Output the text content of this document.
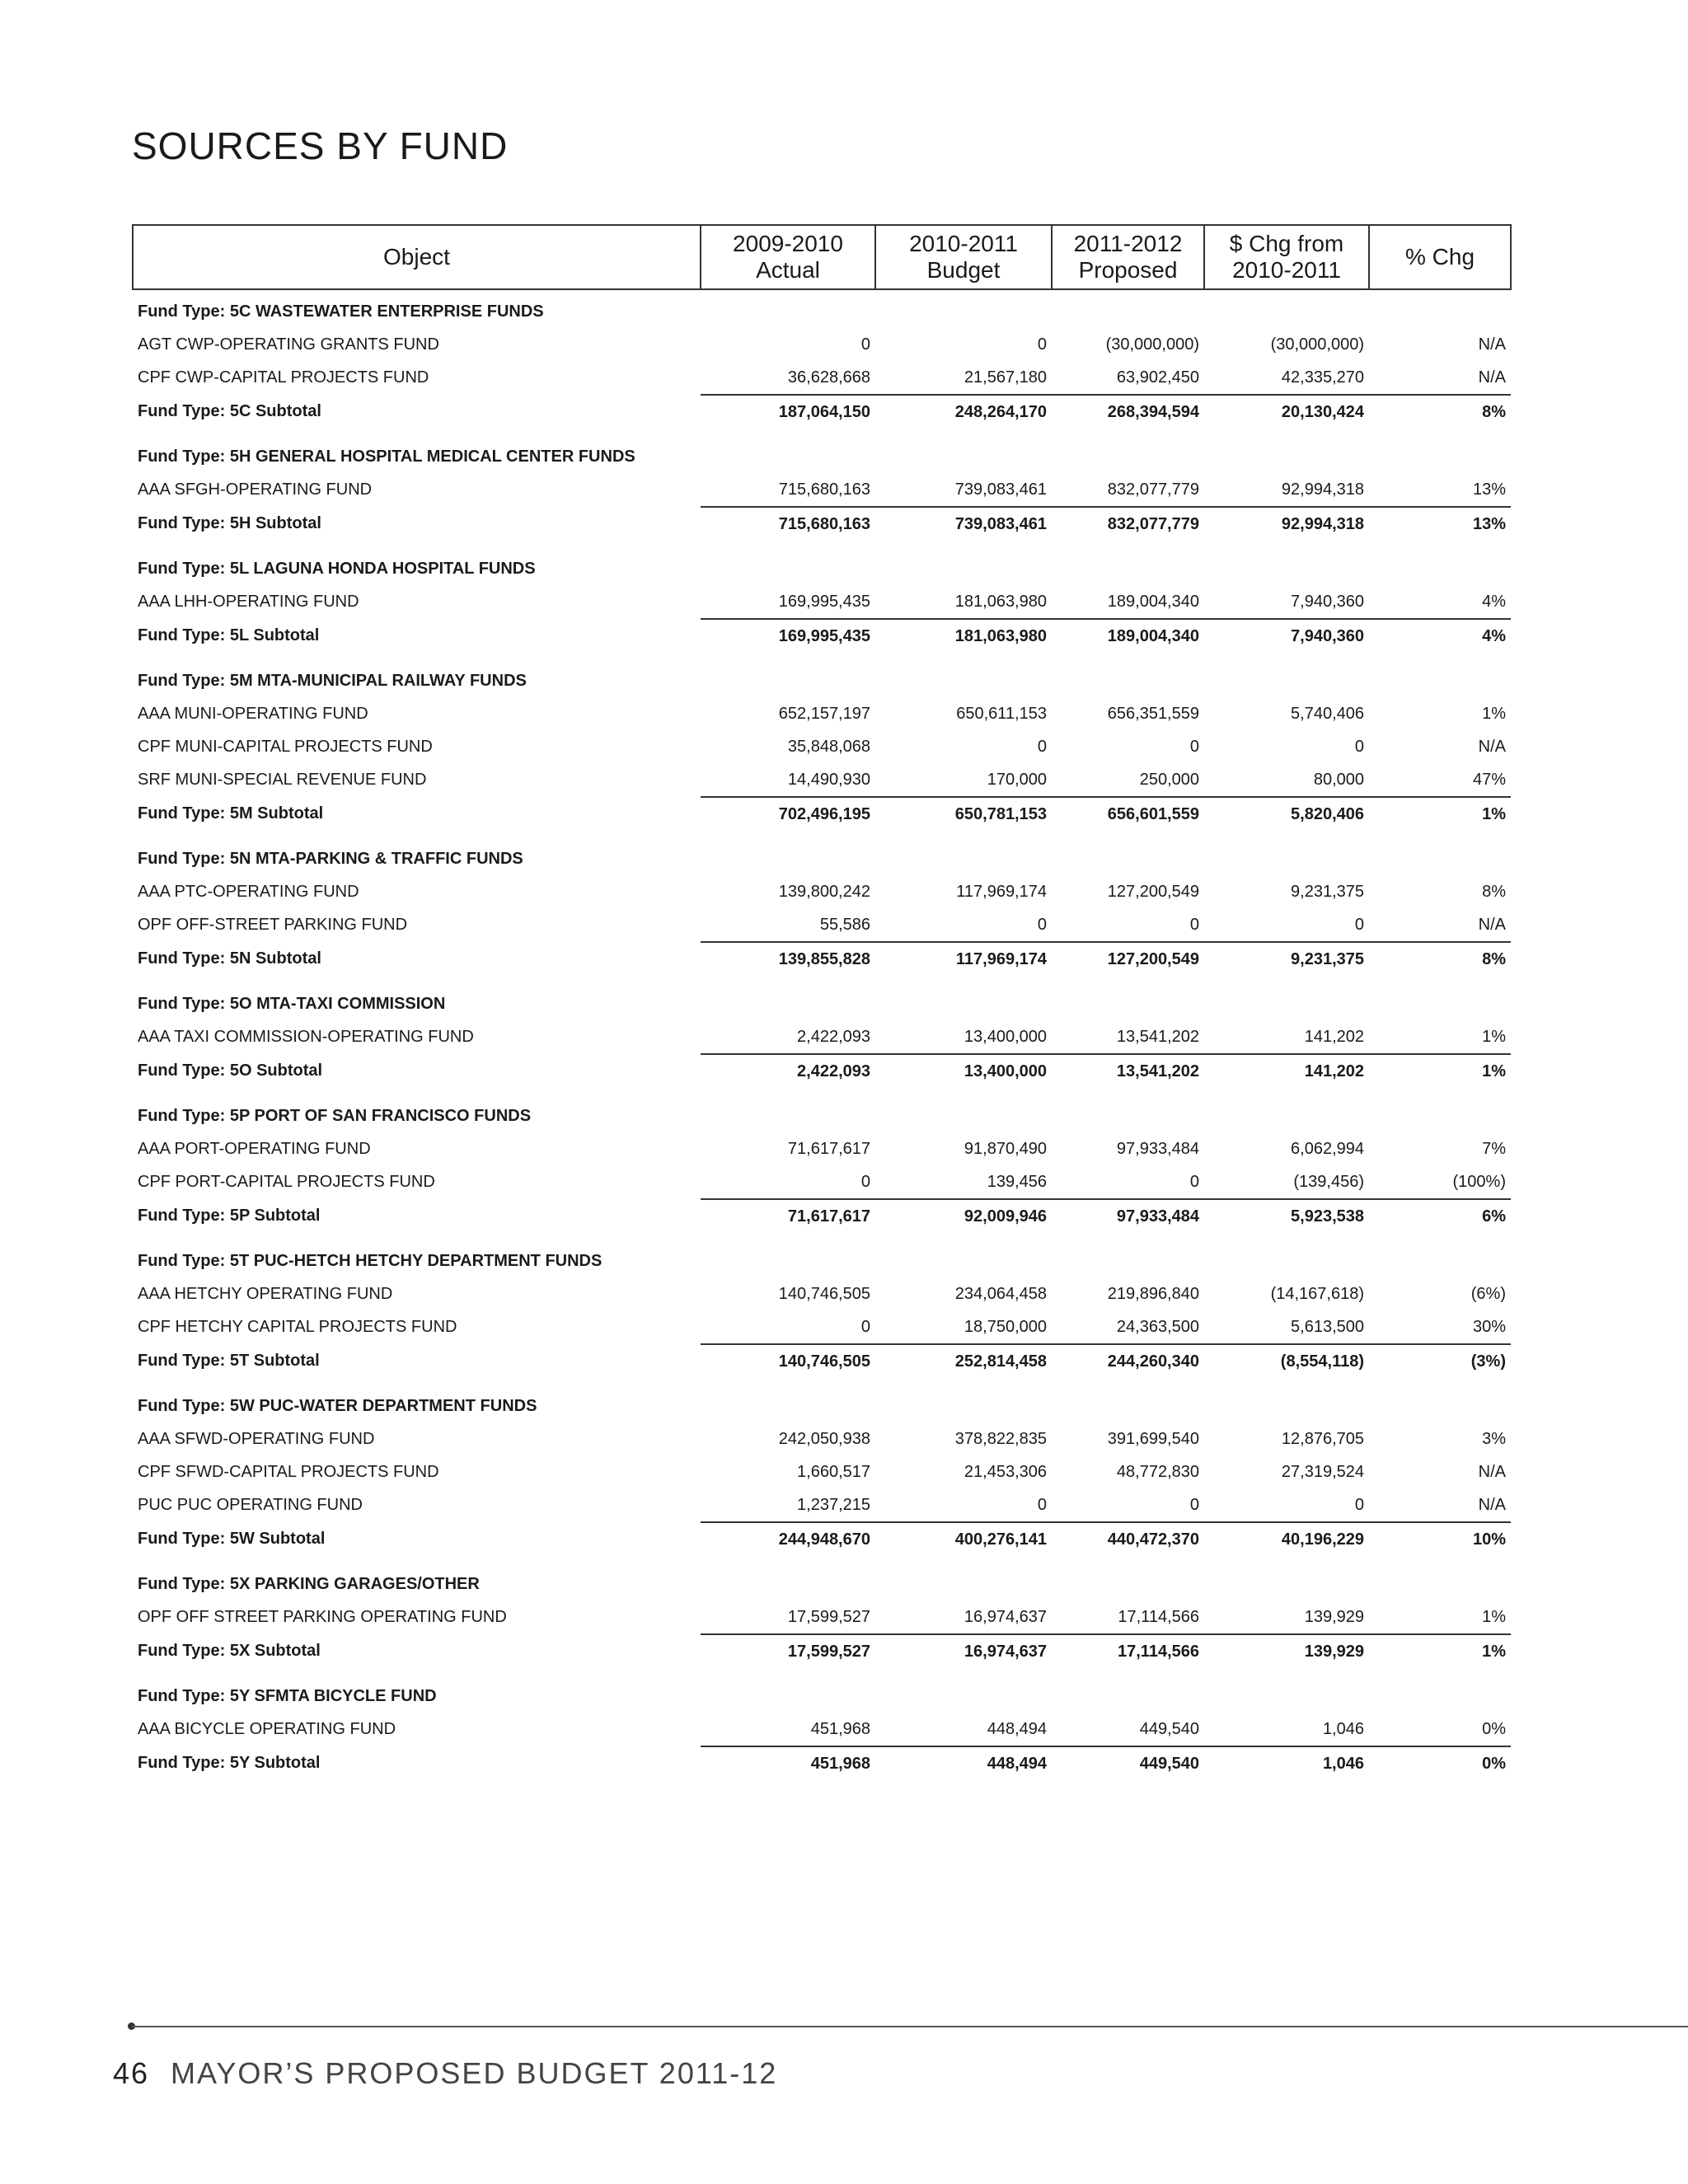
SOURCES BY FUND
Object	2009-2010 Actual	2010-2011 Budget	2011-2012 Proposed	$ Chg from 2010-2011	% Chg
Fund Type: 5C WASTEWATER ENTERPRISE FUNDS					
AGT CWP-OPERATING GRANTS FUND	0	0	(30,000,000)	(30,000,000)	N/A
CPF CWP-CAPITAL PROJECTS FUND	36,628,668	21,567,180	63,902,450	42,335,270	N/A
Fund Type: 5C Subtotal	187,064,150	248,264,170	268,394,594	20,130,424	8%
Fund Type: 5H GENERAL HOSPITAL MEDICAL CENTER FUNDS					
AAA SFGH-OPERATING FUND	715,680,163	739,083,461	832,077,779	92,994,318	13%
Fund Type: 5H Subtotal	715,680,163	739,083,461	832,077,779	92,994,318	13%
Fund Type: 5L LAGUNA HONDA HOSPITAL FUNDS					
AAA LHH-OPERATING FUND	169,995,435	181,063,980	189,004,340	7,940,360	4%
Fund Type: 5L Subtotal	169,995,435	181,063,980	189,004,340	7,940,360	4%
Fund Type: 5M MTA-MUNICIPAL RAILWAY FUNDS					
AAA MUNI-OPERATING FUND	652,157,197	650,611,153	656,351,559	5,740,406	1%
CPF MUNI-CAPITAL PROJECTS FUND	35,848,068	0	0	0	N/A
SRF MUNI-SPECIAL REVENUE FUND	14,490,930	170,000	250,000	80,000	47%
Fund Type: 5M Subtotal	702,496,195	650,781,153	656,601,559	5,820,406	1%
Fund Type: 5N MTA-PARKING & TRAFFIC FUNDS					
AAA PTC-OPERATING FUND	139,800,242	117,969,174	127,200,549	9,231,375	8%
OPF OFF-STREET PARKING FUND	55,586	0	0	0	N/A
Fund Type: 5N Subtotal	139,855,828	117,969,174	127,200,549	9,231,375	8%
Fund Type: 5O MTA-TAXI COMMISSION					
AAA TAXI COMMISSION-OPERATING FUND	2,422,093	13,400,000	13,541,202	141,202	1%
Fund Type: 5O Subtotal	2,422,093	13,400,000	13,541,202	141,202	1%
Fund Type: 5P PORT OF SAN FRANCISCO FUNDS					
AAA PORT-OPERATING FUND	71,617,617	91,870,490	97,933,484	6,062,994	7%
CPF PORT-CAPITAL PROJECTS FUND	0	139,456	0	(139,456)	(100%)
Fund Type: 5P Subtotal	71,617,617	92,009,946	97,933,484	5,923,538	6%
Fund Type: 5T PUC-HETCH HETCHY DEPARTMENT FUNDS					
AAA HETCHY OPERATING FUND	140,746,505	234,064,458	219,896,840	(14,167,618)	(6%)
CPF HETCHY CAPITAL PROJECTS FUND	0	18,750,000	24,363,500	5,613,500	30%
Fund Type: 5T Subtotal	140,746,505	252,814,458	244,260,340	(8,554,118)	(3%)
Fund Type: 5W PUC-WATER DEPARTMENT FUNDS					
AAA SFWD-OPERATING FUND	242,050,938	378,822,835	391,699,540	12,876,705	3%
CPF SFWD-CAPITAL PROJECTS FUND	1,660,517	21,453,306	48,772,830	27,319,524	N/A
PUC PUC OPERATING FUND	1,237,215	0	0	0	N/A
Fund Type: 5W Subtotal	244,948,670	400,276,141	440,472,370	40,196,229	10%
Fund Type: 5X PARKING GARAGES/OTHER					
OPF OFF STREET PARKING OPERATING FUND	17,599,527	16,974,637	17,114,566	139,929	1%
Fund Type: 5X Subtotal	17,599,527	16,974,637	17,114,566	139,929	1%
Fund Type: 5Y SFMTA BICYCLE FUND					
AAA BICYCLE OPERATING FUND	451,968	448,494	449,540	1,046	0%
Fund Type: 5Y Subtotal	451,968	448,494	449,540	1,046	0%
46 MAYOR’S PROPOSED BUDGET 2011-12
